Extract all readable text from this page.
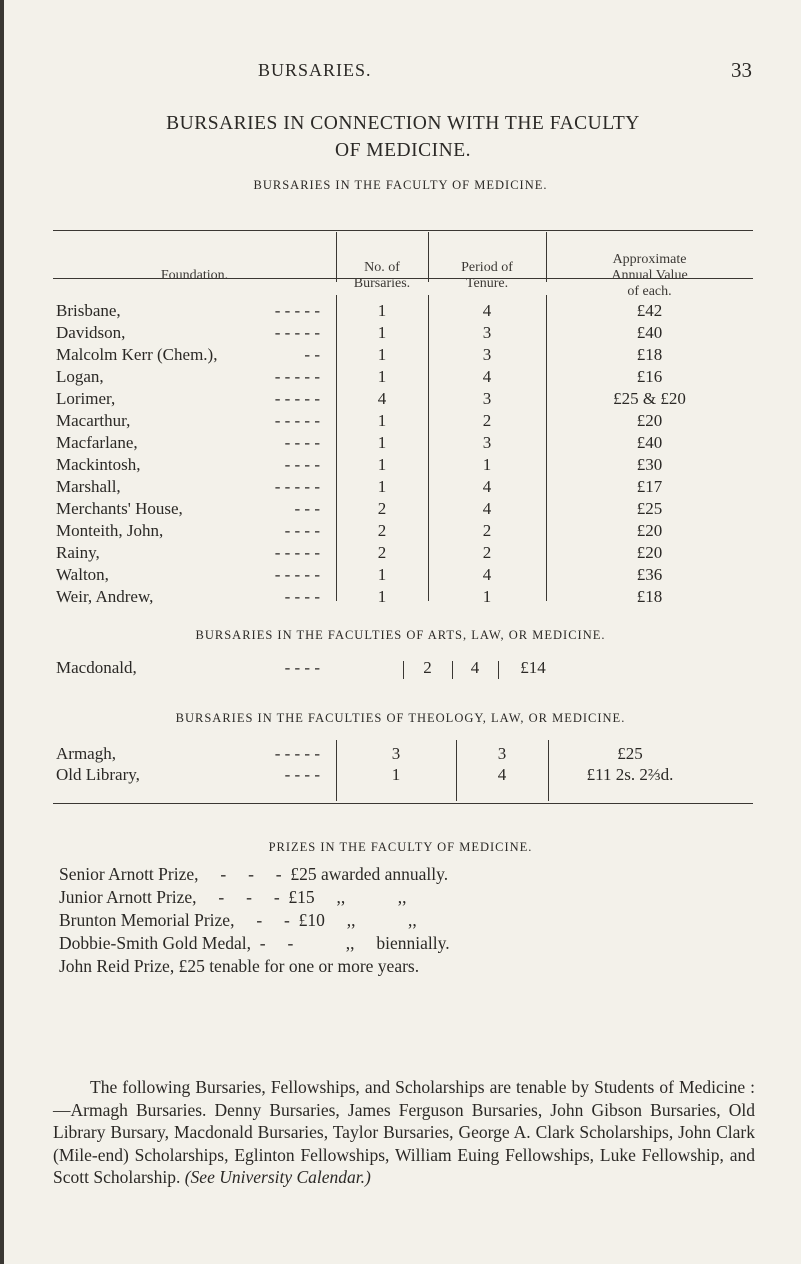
BURSARIES.	33
BURSARIES IN CONNECTION WITH THE FACULTY
OF MEDICINE.
BURSARIES IN THE FACULTY OF MEDICINE.
Foundation.
No. of
Bursaries.
Period of
Tenure.
Approximate
Annual Value
of each.
Brisbane,	- - - - -	1	4	£42
Davidson,	- - - - -	1	3	£40
Malcolm Kerr (Chem.),	- -	1	3	£18
Logan,	- - - - -	1	4	£16
Lorimer,	- - - - -	4	3	£25 & £20
Macarthur,	- - - - -	1	2	£20
Macfarlane,	- - - -	1	3	£40
Mackintosh,	- - - -	1	1	£30
Marshall,	- - - - -	1	4	£17
Merchants' House,	- - -	2	4	£25
Monteith, John,	- - - -	2	2	£20
Rainy,	- - - - -	2	2	£20
Walton,	- - - - -	1	4	£36
Weir, Andrew,	- - - -	1	1	£18
BURSARIES IN THE FACULTIES OF ARTS, LAW, OR MEDICINE.
Macdonald,	- - - -	2	4	£14
BURSARIES IN THE FACULTIES OF THEOLOGY, LAW, OR MEDICINE.
Armagh,	- - - - -	3	3	£25
Old Library,	- - - -	1	4	£11 2s. 2⅔d.
PRIZES IN THE FACULTY OF MEDICINE.
Senior Arnott Prize,     -     -     -  £25 awarded annually.
Junior Arnott Prize,     -     -     -  £15     ,,            ,,
Brunton Memorial Prize,     -     -  £10     ,,            ,,
Dobbie-Smith Gold Medal,  -     -            ,,     biennially.
John Reid Prize, £25 tenable for one or more years.
The following Bursaries, Fellowships, and Scholarships are tenable by Students of Medicine :—Armagh Bursaries. Denny Bursaries, James Ferguson Bursaries, John Gibson Bursaries, Old Library Bursary, Macdonald Bursaries, Taylor Bursaries, George A. Clark Scholarships, John Clark (Mile-end) Scholarships, Eglinton Fellowships, William Euing Fellowships, Luke Fellowship, and Scott Scholarship. (See University Calendar.)
